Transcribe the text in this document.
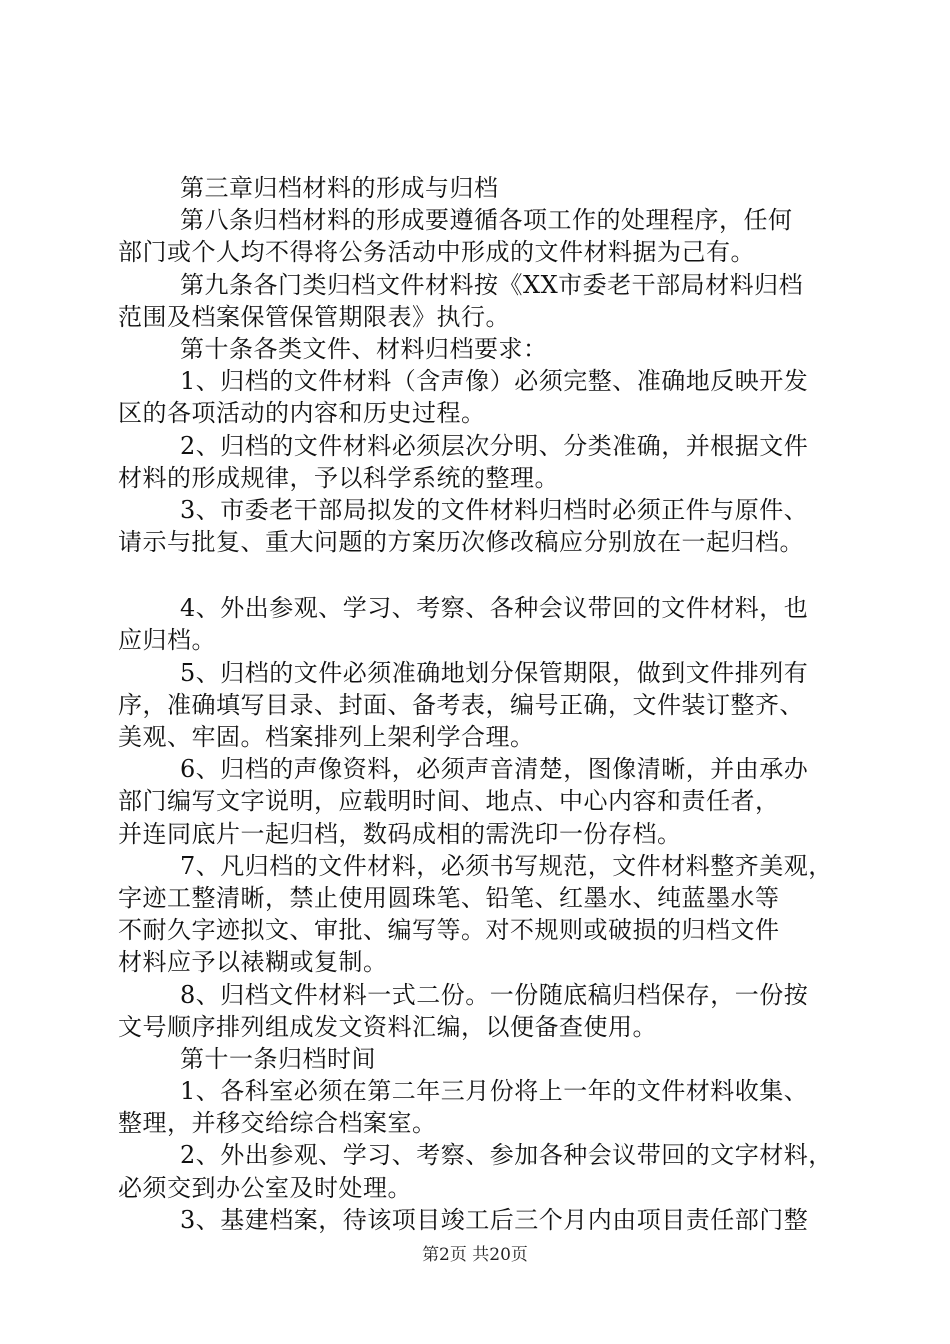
第三章归档材料的形成与归档
第八条归档材料的形成要遵循各项工作的处理程序，任何
部门或个人均不得将公务活动中形成的文件材料据为己有。
第九条各门类归档文件材料按《XX市委老干部局材料归档
范围及档案保管保管期限表》执行。
第十条各类文件、材料归档要求：
1、归档的文件材料（含声像）必须完整、准确地反映开发
区的各项活动的内容和历史过程。
2、归档的文件材料必须层次分明、分类准确，并根据文件
材料的形成规律，予以科学系统的整理。
3、市委老干部局拟发的文件材料归档时必须正件与原件、
请示与批复、重大问题的方案历次修改稿应分别放在一起归档。
4、外出参观、学习、考察、各种会议带回的文件材料，也
应归档。
5、归档的文件必须准确地划分保管期限，做到文件排列有
序，准确填写目录、封面、备考表，编号正确，文件装订整齐、
美观、牢固。档案排列上架利学合理。
6、归档的声像资料，必须声音清楚，图像清晰，并由承办
部门编写文字说明，应载明时间、地点、中心内容和责任者，
并连同底片一起归档，数码成相的需洗印一份存档。
7、凡归档的文件材料，必须书写规范，文件材料整齐美观，
字迹工整清晰，禁止使用圆珠笔、铅笔、红墨水、纯蓝墨水等
不耐久字迹拟文、审批、编写等。对不规则或破损的归档文件
材料应予以裱糊或复制。
8、归档文件材料一式二份。一份随底稿归档保存，一份按
文号顺序排列组成发文资料汇编，以便备查使用。
第十一条归档时间
1、各科室必须在第二年三月份将上一年的文件材料收集、
整理，并移交给综合档案室。
2、外出参观、学习、考察、参加各种会议带回的文字材料，
必须交到办公室及时处理。
3、基建档案，待该项目竣工后三个月内由项目责任部门整
第2页 共20页
